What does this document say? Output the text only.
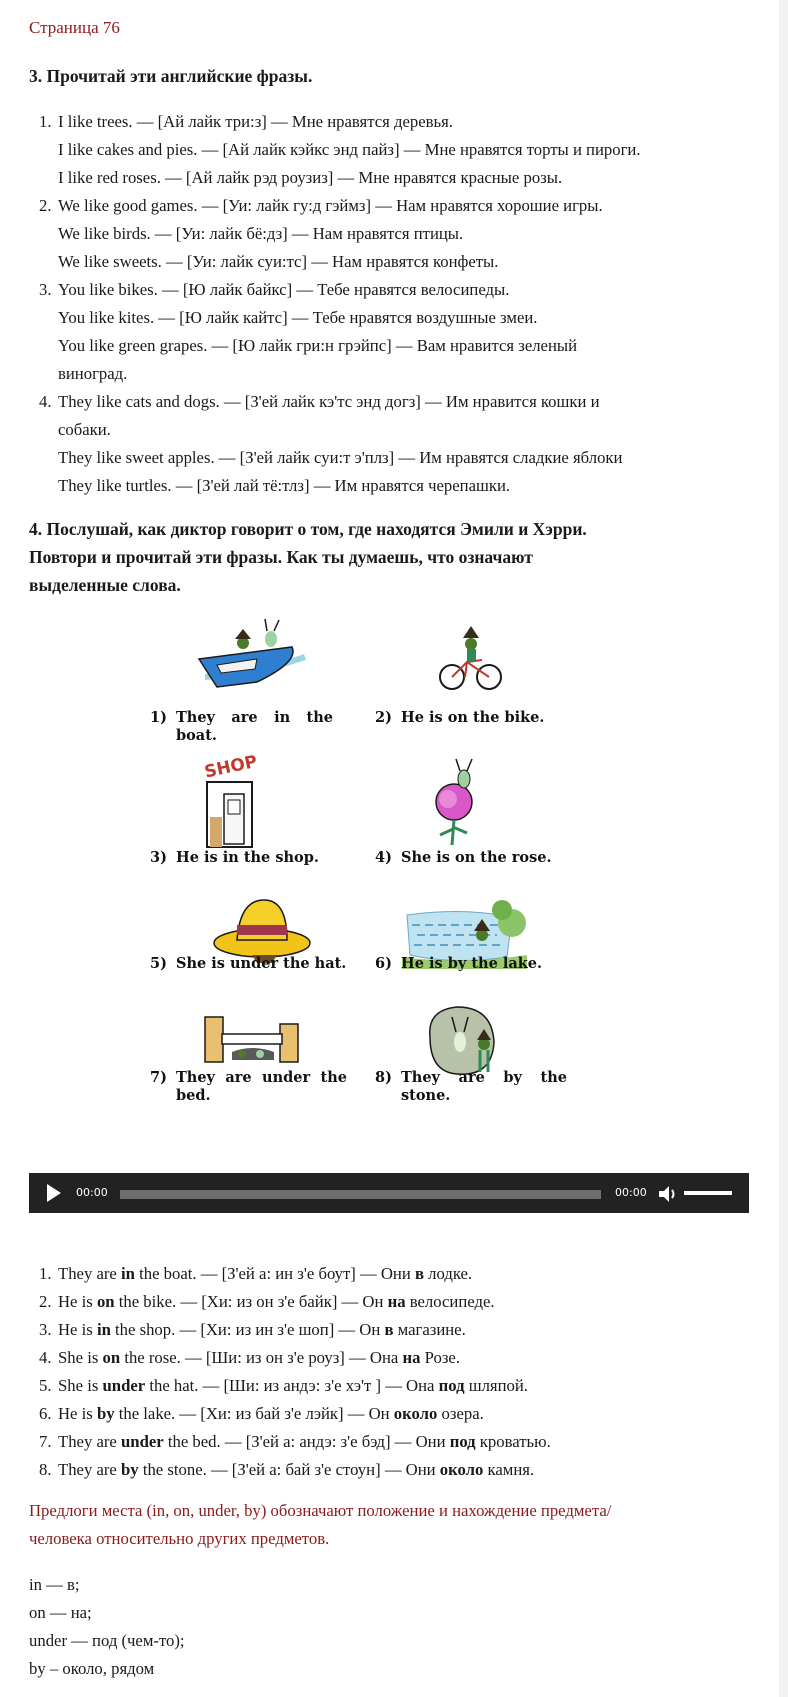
Страница 76

3. Прочитай эти английские фразы.

1. I like trees. — [Ай лайк три:з] — Мне нравятся деревья.
I like cakes and pies. — [Ай лайк кэйкс энд пайз] — Мне нравятся торты и пироги.
I like red roses. — [Ай лайк рэд роузиз] — Мне нравятся красные розы.
2. We like good games. — [Уи: лайк гу:д гэймз] — Нам нравятся хорошие игры.
We like birds. — [Уи: лайк бё:дз] — Нам нравятся птицы.
We like sweets. — [Уи: лайк суи:тс] — Нам нравятся конфеты.
3. You like bikes. — [Ю лайк байкс] — Тебе нравятся велосипеды.
You like kites. — [Ю лайк кайтс] — Тебе нравятся воздушные змеи.
You like green grapes. — [Ю лайк гри:н грэйпс] — Вам нравится зеленый
виноград.
4. They like cats and dogs. — [З'ей лайк кэ'тс энд догз] — Им нравится кошки и
собаки.
They like sweet apples. — [З'ей лайк суи:т э'плз] — Им нравятся сладкие яблоки
They like turtles. — [З'ей лай тё:тлз] — Им нравятся черепашки.
4. Послушай, как диктор говорит о том, где находятся Эмили и Хэрри.
Повтори и прочитай эти фразы. Как ты думаешь, что означают
выделенные слова.
1) They are in the boat.
2) He is on the bike.
SHOP
3) He is in the shop.	4) She is on the rose.
5) She is under the hat. 6) He is by the lake.
7) They are under the bed.
8) They are by the stone.
00:00	00:00
1. They are in the boat. — [З'ей а: ин з'е боут] — Они в лодке.
2. He is on the bike. — [Хи: из он з'е байк] — Он на велосипеде.
3. He is in the shop. — [Хи: из ин з'е шоп] — Он в магазине.
4. She is on the rose. — [Ши: из он з'е роуз] — Она на Розе.
5. She is under the hat. — [Ши: из андэ: з'е хэ'т ] — Она под шляпой.
6. He is by the lake. — [Хи: из бай з'е лэйк] — Он около озера.
7. They are under the bed. — [З'ей а: андэ: з'е бэд] — Они под кроватью.
8. They are by the stone. — [З'ей а: бай з'е стоун] — Они около камня.
Предлоги места (in, on, under, by) обозначают положение и нахождение предмета/
человека относительно других предметов.
in — в;
on — на;
under — под (чем-то);
by – около, рядом
